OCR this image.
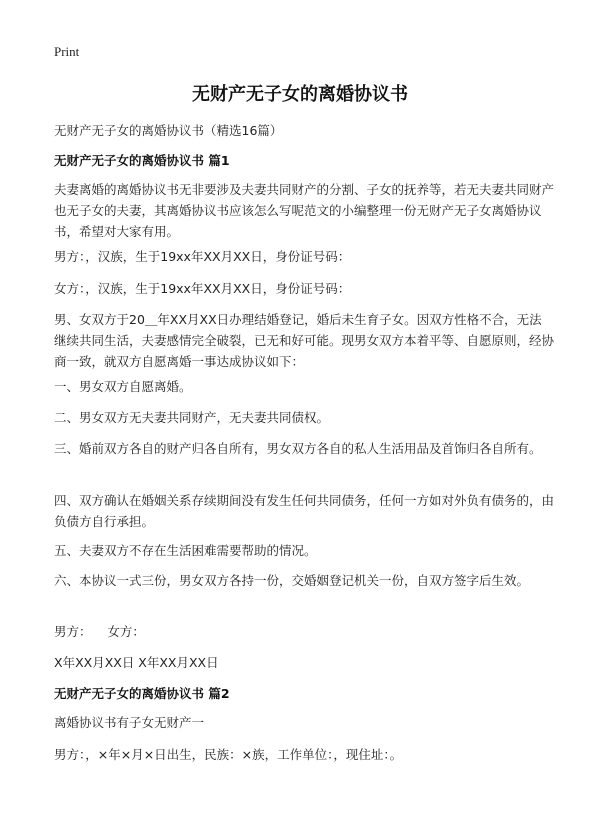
Print
无财产无子女的离婚协议书
无财产无子女的离婚协议书（精选16篇）
无财产无子女的离婚协议书 篇1

夫妻离婚的离婚协议书无非要涉及夫妻共同财产的分割、子女的抚养等，若无夫妻共同财产也无子女的夫妻，其离婚协议书应该怎么写呢范文的小编整理一份无财产无子女离婚协议书，希望对大家有用。

男方：，汉族，生于19xx年XX月XX日，身份证号码：

女方：，汉族，生于19xx年XX月XX日，身份证号码：

男、女双方于20＿年XX月XX日办理结婚登记，婚后未生育子女。因双方性格不合，无法继续共同生活，夫妻感情完全破裂，已无和好可能。现男女双方本着平等、自愿原则，经协商一致，就双方自愿离婚一事达成协议如下：

一、男女双方自愿离婚。

二、男女双方无夫妻共同财产，无夫妻共同债权。

三、婚前双方各自的财产归各自所有，男女双方各自的私人生活用品及首饰归各自所有。

四、双方确认在婚姻关系存续期间没有发生任何共同债务，任何一方如对外负有债务的，由负债方自行承担。

五、夫妻双方不存在生活困难需要帮助的情况。

六、本协议一式三份，男女双方各持一份，交婚姻登记机关一份，自双方签字后生效。

男方：    女方：

X年XX月XX日 X年XX月XX日

无财产无子女的离婚协议书 篇2

离婚协议书有子女无财产一

男方：，×年×月×日出生，民族：×族，工作单位：，现住址：。
